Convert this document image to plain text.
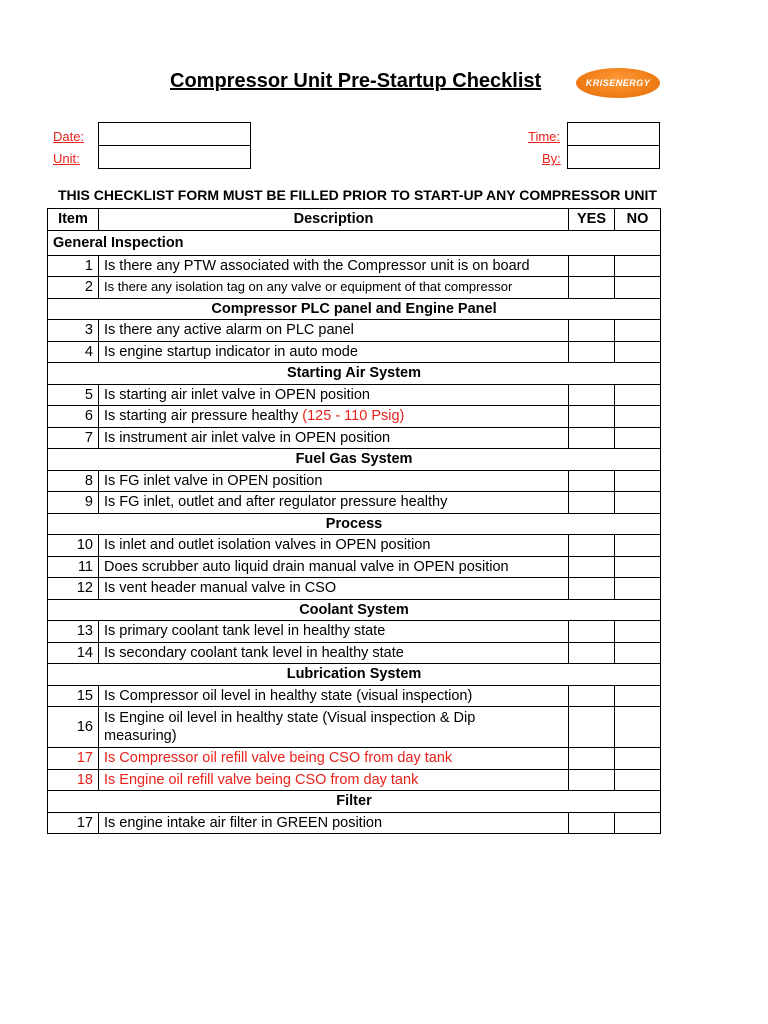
Compressor Unit Pre-Startup Checklist	KRISENERGY
Date:
Unit:
Time:
By:
THIS CHECKLIST FORM MUST BE FILLED PRIOR TO START-UP ANY COMPRESSOR UNIT
Item	Description	YES	NO
General Inspection			
1	Is there any PTW associated with the Compressor unit is on board		
2	Is there any isolation tag on any valve or equipment of that compressor		
Compressor PLC panel and Engine Panel			
3	Is there any active alarm on PLC panel		
4	Is engine startup indicator in auto mode		
Starting Air System			
5	Is starting air inlet valve in OPEN position		
6	Is starting air pressure healthy (125 - 110 Psig)		
7	Is instrument air inlet valve in OPEN position		
Fuel Gas System			
8	Is FG inlet valve in OPEN position		
9	Is FG inlet, outlet and after regulator pressure healthy		
Process			
10	Is inlet and outlet isolation valves in OPEN position		
11	Does scrubber auto liquid drain manual valve in OPEN position		
12	Is vent header manual valve in CSO		
Coolant System			
13	Is primary coolant tank level in healthy state		
14	Is secondary coolant tank level in healthy state		
Lubrication System			
15	Is Compressor oil level in healthy state (visual inspection)		
16	Is Engine oil level in healthy state (Visual inspection & Dip
measuring)		
17	Is Compressor oil refill valve being CSO from day tank		
18	Is Engine oil refill valve being CSO from day tank		
Filter			
17	Is engine intake air filter in GREEN position		
